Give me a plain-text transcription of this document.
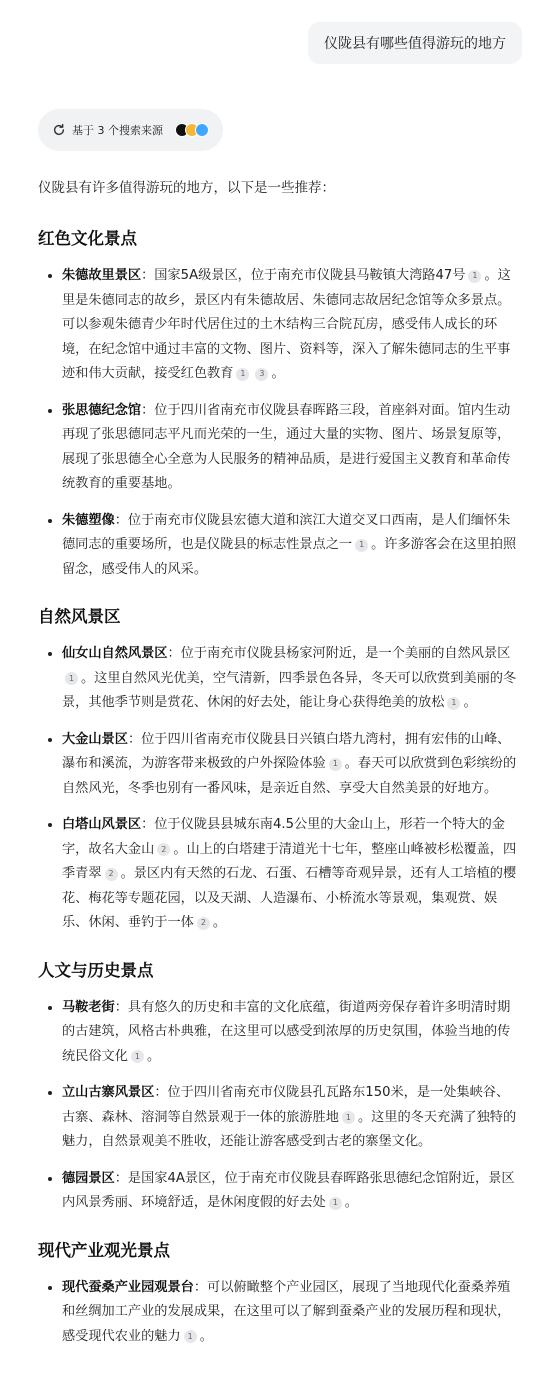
仪陇县有哪些值得游玩的地方
基于 3 个搜索来源

仪陇县有许多值得游玩的地方，以下是一些推荐：

红色文化景点
朱德故里景区：国家5A级景区，位于南充市仪陇县马鞍镇大湾路47号 1 。这里是朱德同志的故乡，景区内有朱德故居、朱德同志故居纪念馆等众多景点。可以参观朱德青少年时代居住过的土木结构三合院瓦房，感受伟人成长的环境，在纪念馆中通过丰富的文物、图片、资料等，深入了解朱德同志的生平事迹和伟大贡献，接受红色教育 1 3 。
张思德纪念馆：位于四川省南充市仪陇县春晖路三段，首座斜对面。馆内生动再现了张思德同志平凡而光荣的一生，通过大量的实物、图片、场景复原等，展现了张思德全心全意为人民服务的精神品质，是进行爱国主义教育和革命传统教育的重要基地。
朱德塑像：位于南充市仪陇县宏德大道和滨江大道交叉口西南，是人们缅怀朱德同志的重要场所，也是仪陇县的标志性景点之一 1 。许多游客会在这里拍照留念，感受伟人的风采。
自然风景区
仙女山自然风景区：位于南充市仪陇县杨家河附近，是一个美丽的自然风景区1 。这里自然风光优美，空气清新，四季景色各异，冬天可以欣赏到美丽的冬景，其他季节则是赏花、休闲的好去处，能让身心获得绝美的放松 1 。
大金山景区：位于四川省南充市仪陇县日兴镇白塔九湾村，拥有宏伟的山峰、瀑布和溪流，为游客带来极致的户外探险体验 1 。春天可以欣赏到色彩缤纷的自然风光，冬季也别有一番风味，是亲近自然、享受大自然美景的好地方。
白塔山风景区：位于仪陇县县城东南4.5公里的大金山上，形若一个特大的金字，故名大金山 2 。山上的白塔建于清道光十七年，整座山峰被杉松覆盖，四季青翠 2 。景区内有天然的石龙、石蛋、石槽等奇观异景，还有人工培植的樱花、梅花等专题花园，以及天湖、人造瀑布、小桥流水等景观，集观赏、娱乐、休闲、垂钓于一体 2 。
人文与历史景点
马鞍老街：具有悠久的历史和丰富的文化底蕴，街道两旁保存着许多明清时期的古建筑，风格古朴典雅，在这里可以感受到浓厚的历史氛围，体验当地的传统民俗文化 1 。
立山古寨风景区：位于四川省南充市仪陇县孔瓦路东150米，是一处集峡谷、古寨、森林、溶洞等自然景观于一体的旅游胜地 1 。这里的冬天充满了独特的魅力，自然景观美不胜收，还能让游客感受到古老的寨堡文化。
德园景区：是国家4A景区，位于南充市仪陇县春晖路张思德纪念馆附近，景区内风景秀丽、环境舒适，是休闲度假的好去处 1 。
现代产业观光景点
现代蚕桑产业园观景台：可以俯瞰整个产业园区，展现了当地现代化蚕桑养殖和丝绸加工产业的发展成果，在这里可以了解到蚕桑产业的发展历程和现状，感受现代农业的魅力 1 。
